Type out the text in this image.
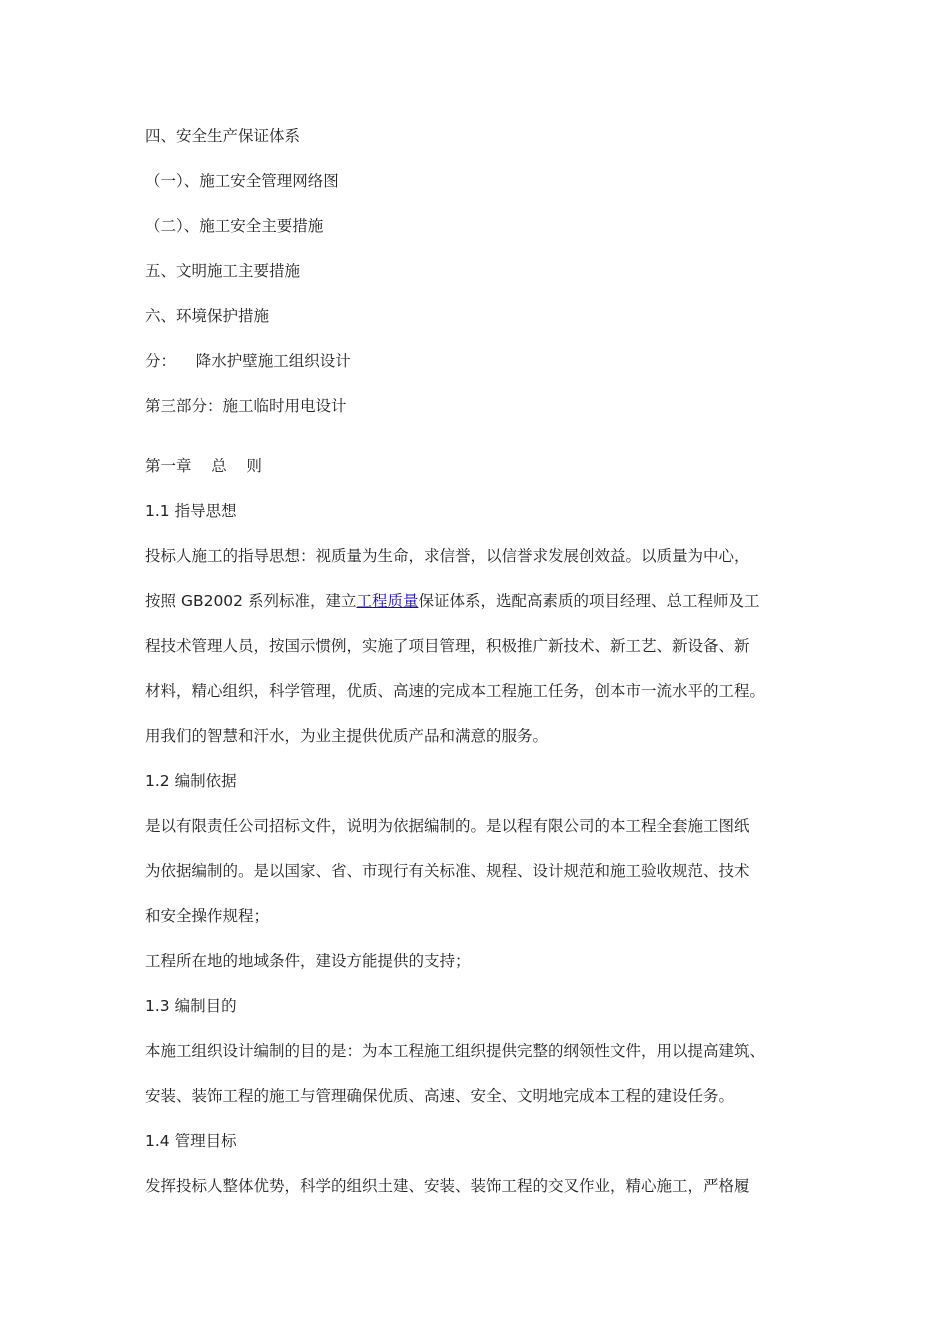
四、安全生产保证体系
（一）、施工安全管理网络图
（二）、施工安全主要措施
五、文明施工主要措施
六、环境保护措施
分：    降水护壁施工组织设计
第三部分：施工临时用电设计
第一章    总    则
1.1 指导思想
投标人施工的指导思想：视质量为生命，求信誉，以信誉求发展创效益。以质量为中心，
按照 GB2002 系列标准，建立工程质量保证体系，选配高素质的项目经理、总工程师及工
程技术管理人员，按国示惯例，实施了项目管理，积极推广新技术、新工艺、新设备、新
材料，精心组织，科学管理，优质、高速的完成本工程施工任务，创本市一流水平的工程。
用我们的智慧和汗水，为业主提供优质产品和满意的服务。
1.2 编制依据
是以有限责任公司招标文件，说明为依据编制的。是以程有限公司的本工程全套施工图纸
为依据编制的。是以国家、省、市现行有关标准、规程、设计规范和施工验收规范、技术
和安全操作规程；
工程所在地的地域条件，建设方能提供的支持；
1.3 编制目的
本施工组织设计编制的目的是：为本工程施工组织提供完整的纲领性文件，用以提高建筑、
安装、装饰工程的施工与管理确保优质、高速、安全、文明地完成本工程的建设任务。
1.4 管理目标
发挥投标人整体优势，科学的组织土建、安装、装饰工程的交叉作业，精心施工，严格履
